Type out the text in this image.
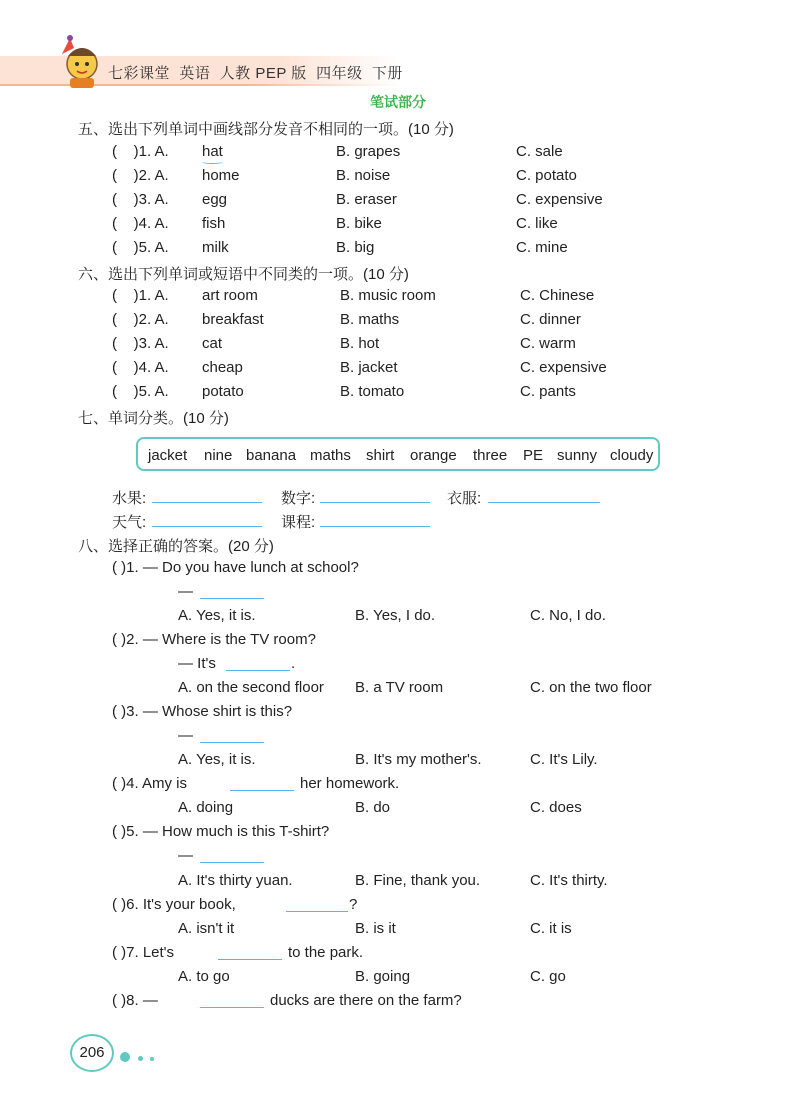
七彩课堂  英语  人教 PEP 版  四年级  下册
笔试部分
五、选出下列单词中画线部分发音不相同的一项。(10 分)
(    )1. A. hat	B. grapes	C. sale
(    )2. A. home	B. noise	C. potato
(    )3. A. egg	B. eraser	C. expensive
(    )4. A. fish	B. bike	C. like
(    )5. A. milk	B. big	C. mine
六、选出下列单词或短语中不同类的一项。(10 分)
(    )1. A. art room	B. music room	C. Chinese
(    )2. A. breakfast	B. maths	C. dinner
(    )3. A. cat	B. hot	C. warm
(    )4. A. cheap	B. jacket	C. expensive
(    )5. A. potato	B. tomato	C. pants
七、单词分类。(10 分)
jacket nine banana maths shirt orange three PE sunny cloudy
水果:	数字:	衣服:
天气:	课程:
八、选择正确的答案。(20 分)
( )1. — Do you have lunch at school?
—
A. Yes, it is.	B. Yes, I do.	C. No, I do.
( )2. — Where is the TV room?
— It's	.
A. on the second floor B. a TV room	C. on the two floor
( )3. — Whose shirt is this?
—
A. Yes, it is.	B. It's my mother's.	C. It's Lily.
( )4. Amy is	her homework.
A. doing	B. do	C. does
( )5. — How much is this T-shirt?
—
A. It's thirty yuan.	B. Fine, thank you.	C. It's thirty.
( )6. It's your book,	?
A. isn't it	B. is it	C. it is
( )7. Let's	to the park.
A. to go	B. going	C. go
( )8. —	ducks are there on the farm?
206
